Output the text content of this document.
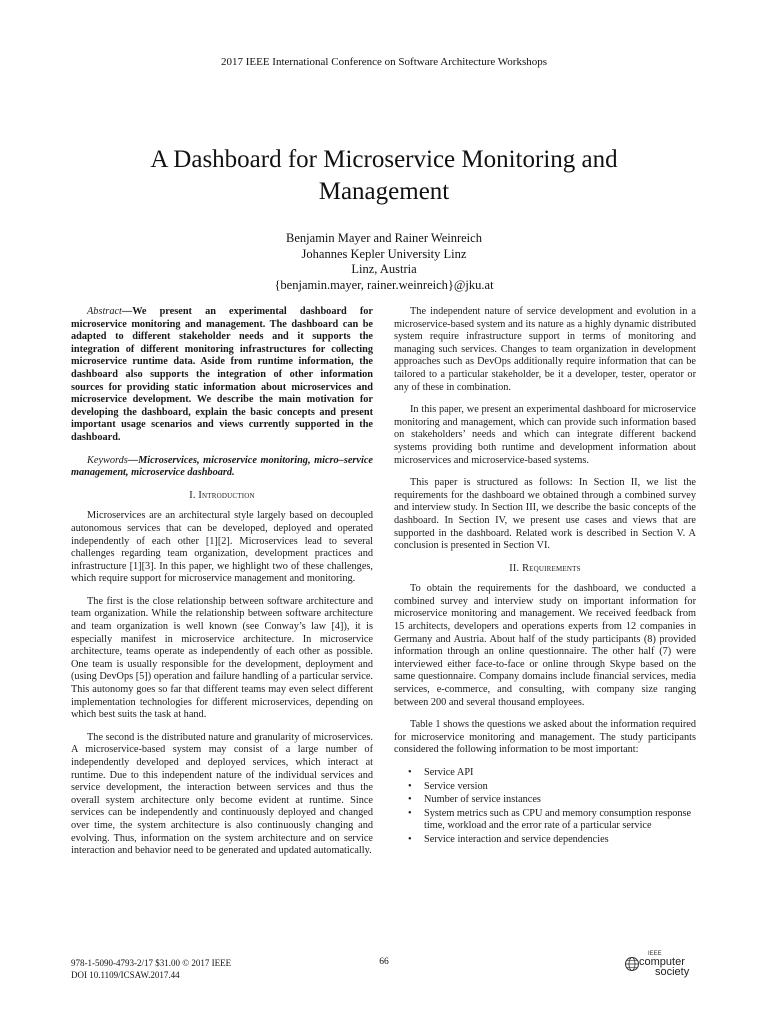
2017 IEEE International Conference on Software Architecture Workshops
A Dashboard for Microservice Monitoring and Management
Benjamin Mayer and Rainer Weinreich
Johannes Kepler University Linz
Linz, Austria
{benjamin.mayer, rainer.weinreich}@jku.at

Abstract—We present an experimental dashboard for microservice monitoring and management. The dashboard can be adapted to different stakeholder needs and it supports the integration of different monitoring infrastructures for collecting microservice runtime data. Aside from runtime information, the dashboard also supports the integration of other information sources for providing static information about microservices and microservice development. We describe the main motivation for developing the dashboard, explain the basic concepts and present important usage scenarios and views currently supported in the dashboard.

Keywords—Microservices, microservice monitoring, micro–service management, microservice dashboard.

I. Introduction

Microservices are an architectural style largely based on decoupled autonomous services that can be developed, deployed and operated independently of each other [1][2]. Microservices lead to several challenges regarding team organization, development practices and infrastructure [1][3]. In this paper, we highlight two of these challenges, which require support for microservice management and monitoring.

The first is the close relationship between software architecture and team organization. While the relationship between software architecture and team organization is well known (see Conway’s law [4]), it is especially manifest in microservice architecture. In microservice architecture, teams operate as independently of each other as possible. One team is usually responsible for the development, deployment and (using DevOps [5]) operation and failure handling of a particular service. This autonomy goes so far that different teams may even select different implementation technologies for different microservices, depending on which best suits the task at hand.

The second is the distributed nature and granularity of microservices. A microservice-based system may consist of a large number of independently developed and deployed services, which interact at runtime. Due to this independent nature of the individual services and service development, the interaction between services and thus the overall system architecture only become evident at runtime. Since services can be independently and continuously deployed and changed over time, the system architecture is also continuously changing and evolving. Thus, information on the system architecture and on service interaction and behavior need to be generated and updated automatically.

The independent nature of service development and evolution in a microservice-based system and its nature as a highly dynamic distributed system require infrastructure support in terms of monitoring and managing such services. Changes to team organization in development approaches such as DevOps additionally require information that can be tailored to a particular stakeholder, be it a developer, tester, operator or any of these in combination.

In this paper, we present an experimental dashboard for microservice monitoring and management, which can provide such information based on stakeholders’ needs and which can integrate different backend systems providing both runtime and development information about microservices and microservice-based systems.

This paper is structured as follows: In Section II, we list the requirements for the dashboard we obtained through a combined survey and interview study. In Section III, we describe the basic concepts of the dashboard. In Section IV, we present use cases and views that are supported in the dashboard. Related work is described in Section V. A conclusion is presented in Section VI.

II. Requirements

To obtain the requirements for the dashboard, we conducted a combined survey and interview study on important information for microservice monitoring and management. We received feedback from 15 architects, developers and operations experts from 12 companies in Germany and Austria. About half of the study participants (8) provided information through an online questionnaire. The other half (7) were interviewed either face-to-face or online through Skype based on the same questionnaire. Company domains include financial services, media services, e-commerce, and consulting, with company size ranging between 200 and several thousand employees.

Table 1 shows the questions we asked about the information required for microservice monitoring and management. The study participants considered the following information to be most important:

• Service API
• Service version
• Number of service instances
• System metrics such as CPU and memory consumption response time, workload and the error rate of a particular service
• Service interaction and service dependencies
978-1-5090-4793-2/17 $31.00 © 2017 IEEE
DOI 10.1109/ICSAW.2017.44
66
IEEE
computer
society
